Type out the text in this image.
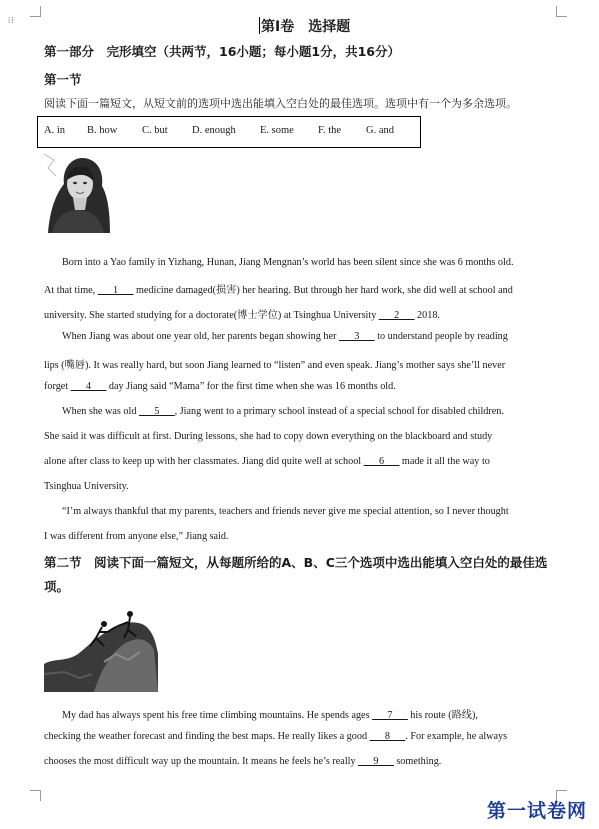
⁞⁞	第I卷　选择题
第一部分　完形填空（共两节，16小题；每小题1分，共16分）
第一节
阅读下面一篇短文，从短文前的选项中选出能填入空白处的最佳选项。选项中有一个为多余选项。
A. in B. how C. but D. enough E. some F. the G. and
Born into a Yao family in Yizhang, Hunan, Jiang Mengnan’s world has been silent since she was 6 months old.
At that time, ___1___ medicine damaged(损害) her hearing. But through her hard work, she did well at school and
university. She started studying for a doctorate(博士学位) at Tsinghua University ___2___ 2018.
When Jiang was about one year old, her parents began showing her ___3___ to understand people by reading
lips (嘴唇). It was really hard, but soon Jiang learned to “listen” and even speak. Jiang’s mother says she’ll never
forget ___4___ day Jiang said “Mama” for the first time when she was 16 months old.
When she was old ___5___, Jiang went to a primary school instead of a special school for disabled children.
She said it was difficult at first. During lessons, she had to copy down everything on the blackboard and study
alone after class to keep up with her classmates. Jiang did quite well at school ___6___ made it all the way to
Tsinghua University.
“I’m always thankful that my parents, teachers and friends never give me special attention, so I never thought
I was different from anyone else,” Jiang said.
第二节　阅读下面一篇短文，从每题所给的A、B、C三个选项中选出能填入空白处的最佳选
项。
My dad has always spent his free time climbing mountains. He spends ages ___7___ his route (路线),
checking the weather forecast and finding the best maps. He really likes a good ___8___. For example, he always
chooses the most difficult way up the mountain. It means he feels he’s really ___9___ something.
第一试卷网
